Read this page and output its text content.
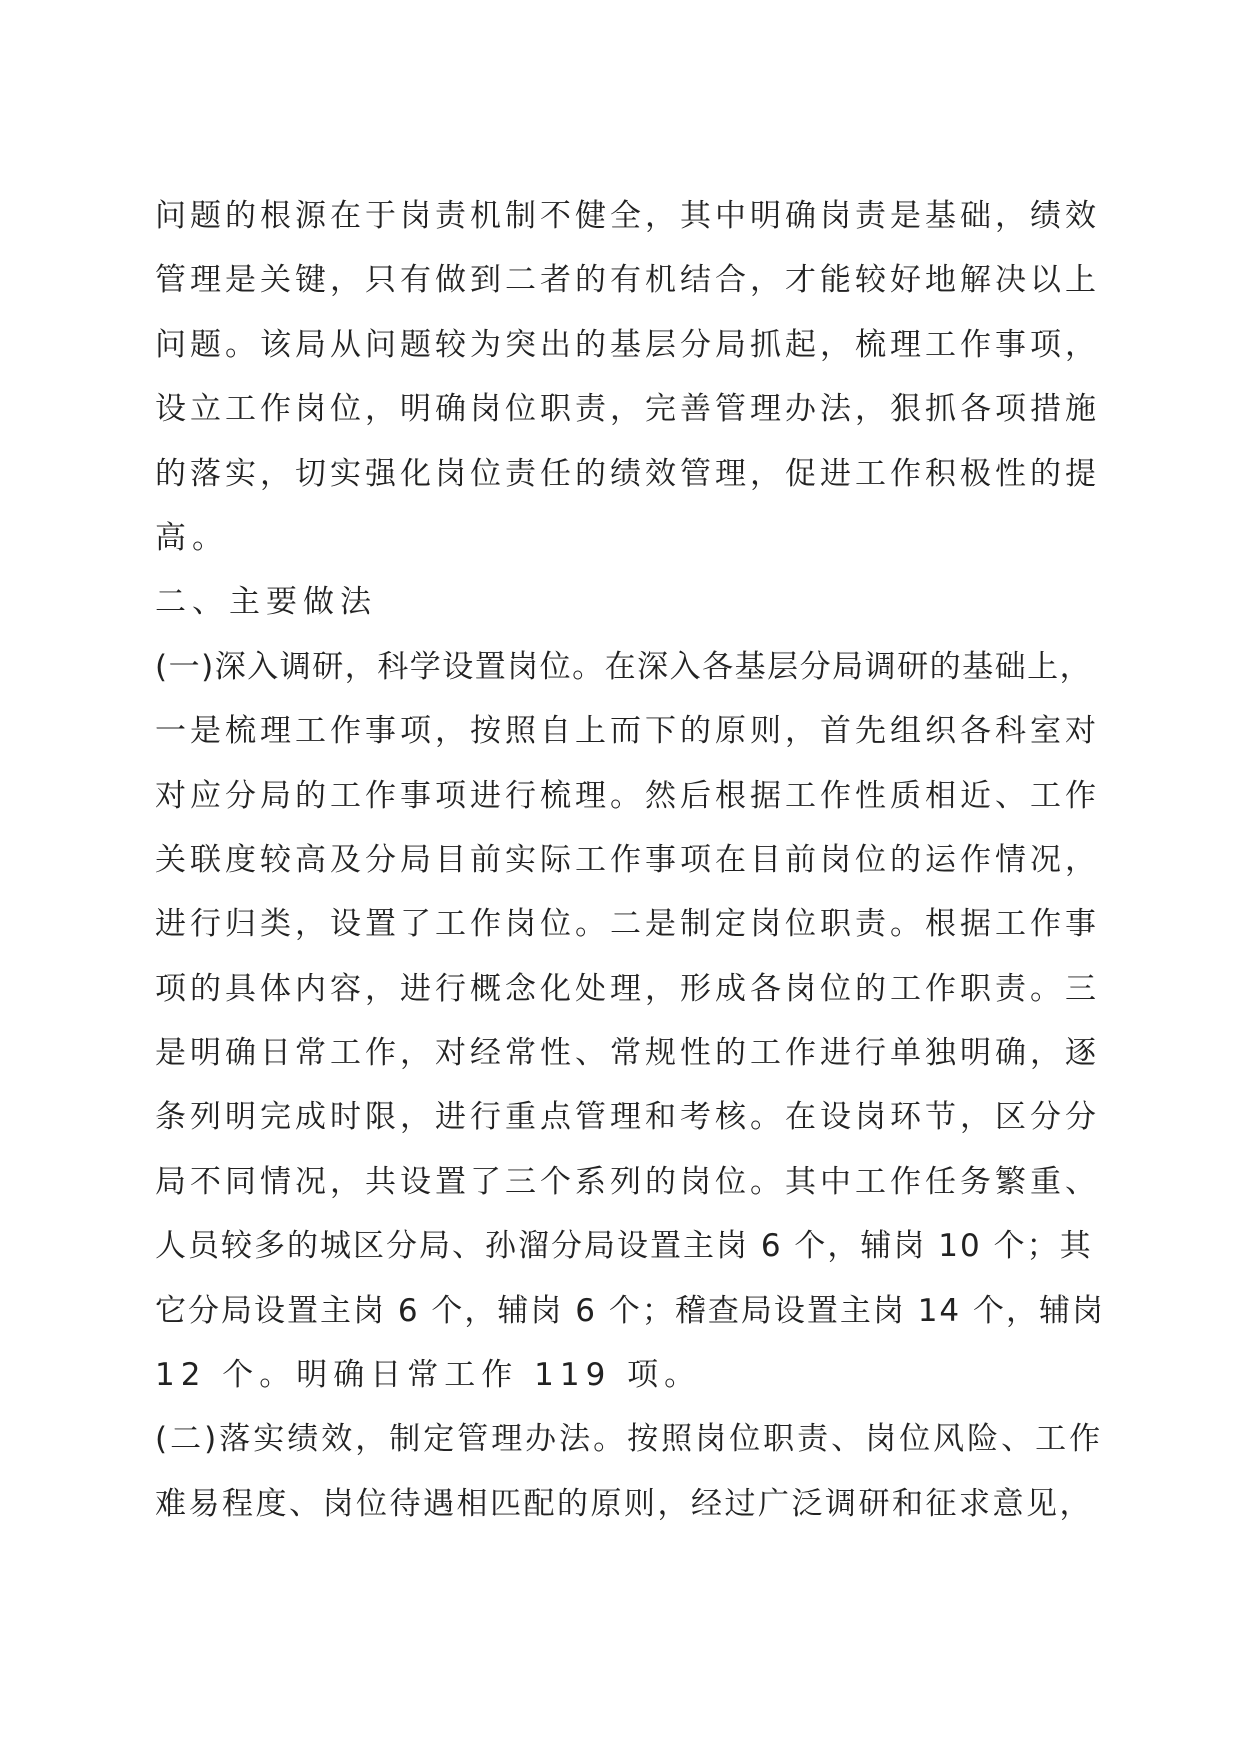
问题的根源在于岗责机制不健全，其中明确岗责是基础，绩效
管理是关键，只有做到二者的有机结合，才能较好地解决以上
问题。该局从问题较为突出的基层分局抓起，梳理工作事项，
设立工作岗位，明确岗位职责，完善管理办法，狠抓各项措施
的落实，切实强化岗位责任的绩效管理，促进工作积极性的提
高。
二、主要做法
(一)深入调研，科学设置岗位。在深入各基层分局调研的基础上，
一是梳理工作事项，按照自上而下的原则，首先组织各科室对
对应分局的工作事项进行梳理。然后根据工作性质相近、工作
关联度较高及分局目前实际工作事项在目前岗位的运作情况，
进行归类，设置了工作岗位。二是制定岗位职责。根据工作事
项的具体内容，进行概念化处理，形成各岗位的工作职责。三
是明确日常工作，对经常性、常规性的工作进行单独明确，逐
条列明完成时限，进行重点管理和考核。在设岗环节，区分分
局不同情况，共设置了三个系列的岗位。其中工作任务繁重、
人员较多的城区分局、孙溜分局设置主岗 6 个，辅岗 10 个；其
它分局设置主岗 6 个，辅岗 6 个；稽查局设置主岗 14 个，辅岗
12 个。明确日常工作 119 项。
(二)落实绩效，制定管理办法。按照岗位职责、岗位风险、工作
难易程度、岗位待遇相匹配的原则，经过广泛调研和征求意见，
